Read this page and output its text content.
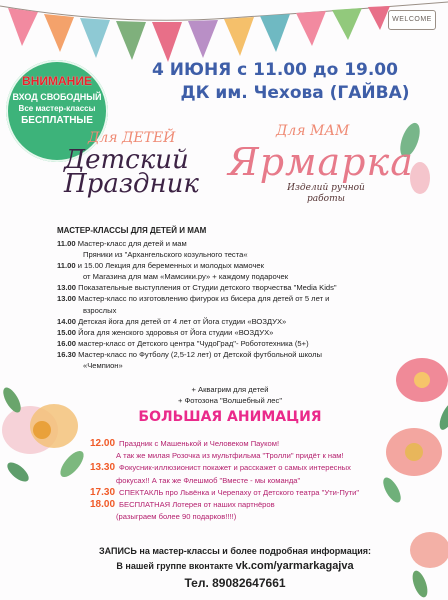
WELCOME
ВНИМАНИЕ
ВХОД СВОБОДНЫЙ
Все мастер-классы
БЕСПЛАТНЫЕ
4 ИЮНЯ с 11.00 до 19.00
ДК им. Чехова (ГАЙВА)
Для ДЕТЕЙ
Детский Праздник
Для МАМ
Ярмарка
Изделий ручной работы
МАСТЕР-КЛАССЫ ДЛЯ ДЕТЕЙ И МАМ
11.00 Мастер-класс для детей и мам
Пряники из "Архангельского козульного теста«
11.00 и 15.00 Лекция для беременных и молодых мамочек
от Магазина для мам «Мамсики.ру» + каждому подарочек
13.00 Показательные выступления от Студии детского творчества "Media Kids"
13.00 Мастер-класс по изготовлению фигурок из бисера для детей от 5 лет и
взрослых
14.00 Детская йога для детей от 4 лет от Йога студии «ВОЗДУХ»
15.00 Йога для женского здоровья от Йога студии «ВОЗДУХ»
16.00 мастер-класс от Детского центра "ЧудоГрад"- Робототехника (5+)
16.30 Мастер-класс по Футболу (2,5-12 лет) от Детской футбольной школы
«Чемпион»
+ Аквагрим для детей
+ Фотозона "Волшебный лес"
БОЛЬШАЯ АНИМАЦИЯ
12.00 Праздник с Машенькой и Человеком Пауком!
А так же милая Розочка из мультфильма "Тролли" придёт к нам!
13.30 Фокусник-иллюзионист покажет и расскажет о самых интересных
фокусах!! А так же Флешмоб "Вместе - мы команда"
17.30 СПЕКТАКЛЬ про Львёнка и Черепаху от Детского театра "Ути-Пути"
18.00 БЕСПЛАТНАЯ Лотерея от наших партнёров
(разыграем более 90 подарков!!!!)
ЗАПИСЬ на мастер-классы и более подробная информация:
В нашей группе вконтакте vk.com/yarmarkagajva
Тел. 89082647661
